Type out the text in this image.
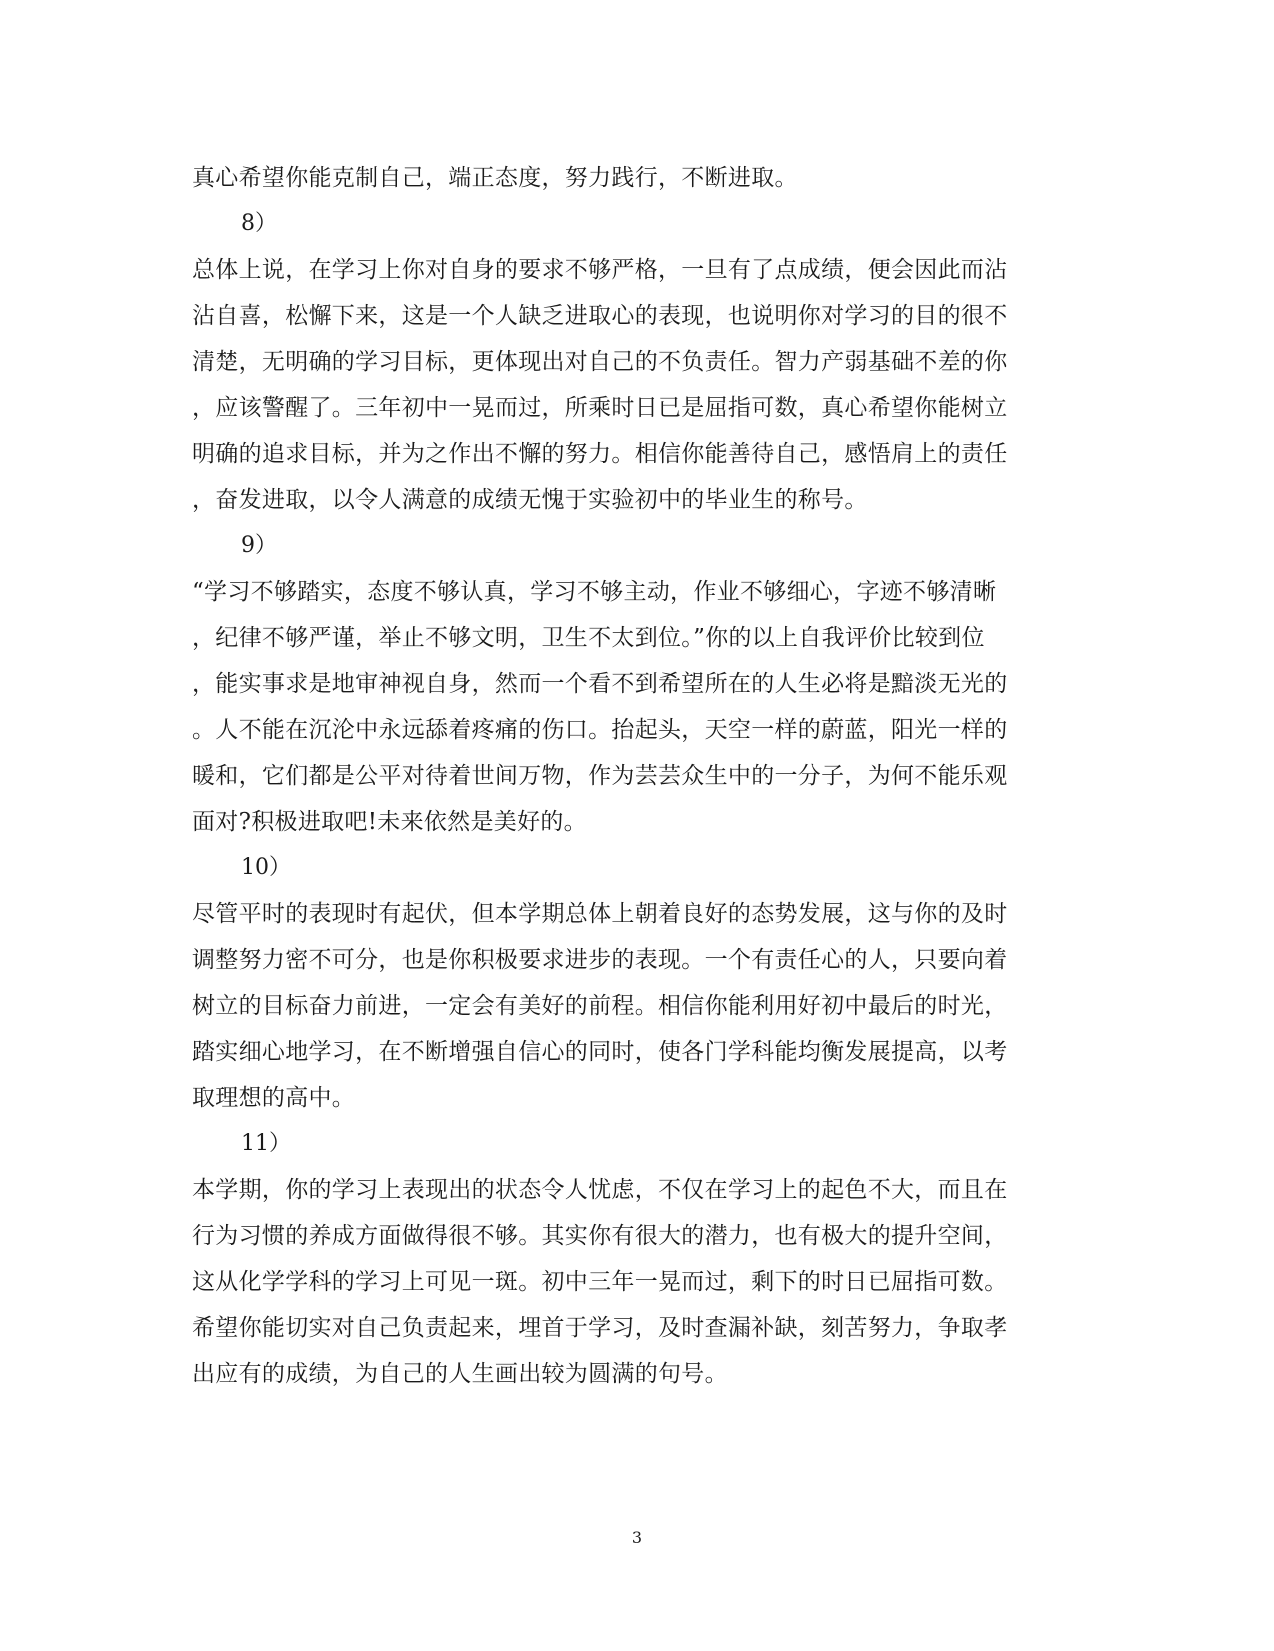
真心希望你能克制自己，端正态度，努力践行，不断进取。
8）
总体上说，在学习上你对自身的要求不够严格，一旦有了点成绩，便会因此而沾
沾自喜，松懈下来，这是一个人缺乏进取心的表现，也说明你对学习的目的很不
清楚，无明确的学习目标，更体现出对自己的不负责任。智力产弱基础不差的你
，应该警醒了。三年初中一晃而过，所乘时日已是屈指可数，真心希望你能树立
明确的追求目标，并为之作出不懈的努力。相信你能善待自己，感悟肩上的责任
，奋发进取，以令人满意的成绩无愧于实验初中的毕业生的称号。
9）
“学习不够踏实，态度不够认真，学习不够主动，作业不够细心，字迹不够清晰
，纪律不够严谨，举止不够文明，卫生不太到位。”你的以上自我评价比较到位
，能实事求是地审神视自身，然而一个看不到希望所在的人生必将是黯淡无光的
。人不能在沉沦中永远舔着疼痛的伤口。抬起头，天空一样的蔚蓝，阳光一样的
暖和，它们都是公平对待着世间万物，作为芸芸众生中的一分子，为何不能乐观
面对?积极进取吧!未来依然是美好的。
10）
尽管平时的表现时有起伏，但本学期总体上朝着良好的态势发展，这与你的及时
调整努力密不可分，也是你积极要求进步的表现。一个有责任心的人，只要向着
树立的目标奋力前进，一定会有美好的前程。相信你能利用好初中最后的时光，
踏实细心地学习，在不断增强自信心的同时，使各门学科能均衡发展提高，以考
取理想的高中。
11）
本学期，你的学习上表现出的状态令人忧虑，不仅在学习上的起色不大，而且在
行为习惯的养成方面做得很不够。其实你有很大的潜力，也有极大的提升空间，
这从化学学科的学习上可见一斑。初中三年一晃而过，剩下的时日已屈指可数。
希望你能切实对自己负责起来，埋首于学习，及时查漏补缺，刻苦努力，争取孝
出应有的成绩，为自己的人生画出较为圆满的句号。
3
